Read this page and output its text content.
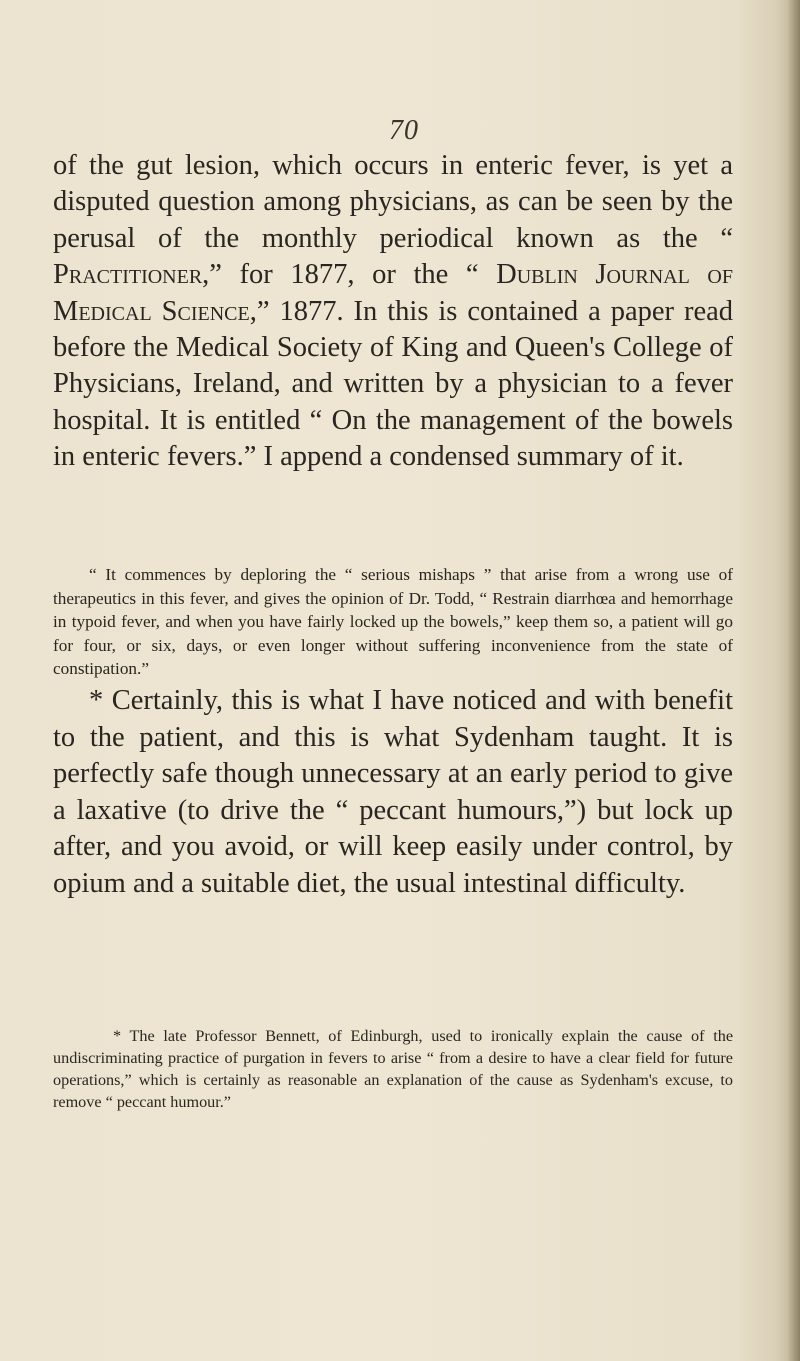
70

of the gut lesion, which occurs in enteric fever, is yet a disputed question among physicians, as can be seen by the perusal of the monthly periodical known as the “ Practitioner,” for 1877, or the “ Dublin Journal of Medical Science,” 1877. In this is contained a paper read before the Medical Society of King and Queen's College of Physicians, Ireland, and written by a physician to a fever hospital. It is entitled “ On the management of the bowels in enteric fevers.” I append a condensed summary of it.

“ It commences by deploring the “ serious mishaps ” that arise from a wrong use of therapeutics in this fever, and gives the opinion of Dr. Todd, “ Restrain diarrhœa and hemorrhage in typoid fever, and when you have fairly locked up the bowels,” keep them so, a patient will go for four, or six, days, or even longer without suffering inconvenience from the state of constipation.”

* Certainly, this is what I have noticed and with benefit to the patient, and this is what Sydenham taught. It is perfectly safe though unnecessary at an early period to give a laxative (to drive the “ peccant humours,”) but lock up after, and you avoid, or will keep easily under control, by opium and a suitable diet, the usual intestinal difficulty.

* The late Professor Bennett, of Edinburgh, used to ironically explain the cause of the undiscriminating practice of purgation in fevers to arise “ from a desire to have a clear field for future operations,” which is certainly as reasonable an explanation of the cause as Sydenham's excuse, to remove “ peccant humour.”
